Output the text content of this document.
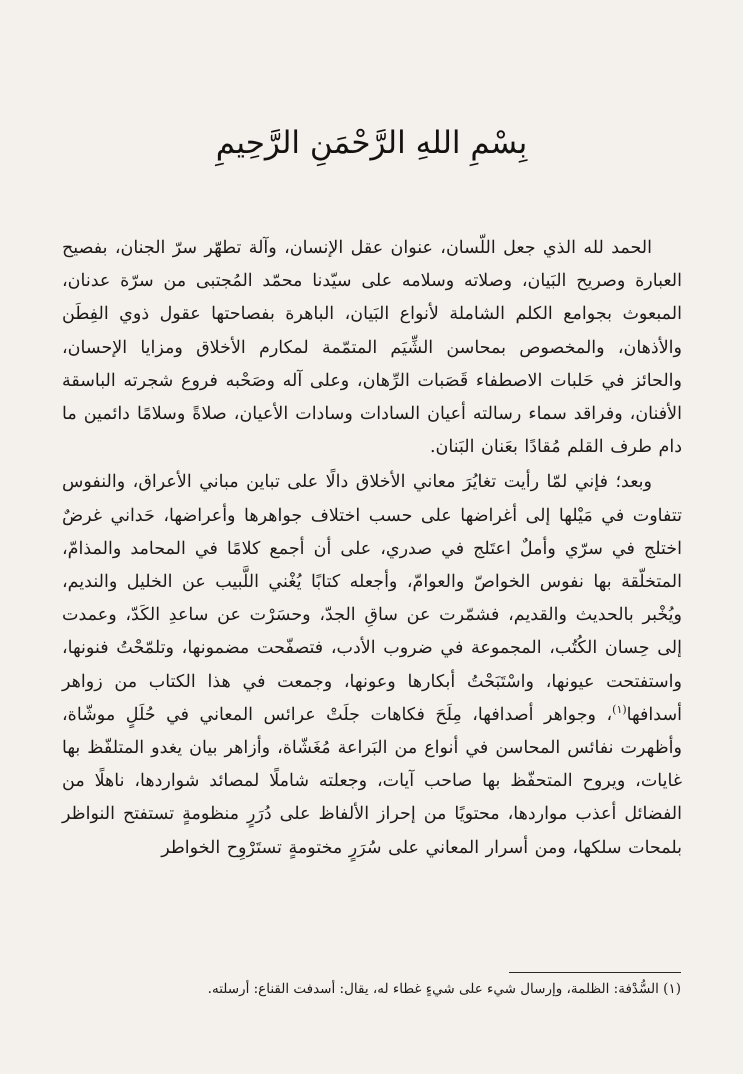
بِسْمِ اللهِ الرَّحْمَنِ الرَّحِيمِ

الحمد لله الذي جعل اللّسان، عنوان عقل الإنسان، وآلة تطهّر سرّ الجنان، بفصيح العبارة وصريح البَيان، وصلاته وسلامه على سيّدنا محمّد المُجتبى من سرّة عدنان، المبعوث بجوامع الكلم الشاملة لأنواع البَيان، الباهرة بفصاحتها عقول ذوي الفِطَن والأذهان، والمخصوص بمحاسن الشِّيَم المتمّمة لمكارم الأخلاق ومزايا الإحسان، والحائز في حَلبات الاصطفاء قَصَبات الرِّهان، وعلى آله وصَحْبه فروع شجرته الباسقة الأفنان، وفراقد سماء رسالته أعيان السادات وسادات الأعيان، صلاةً وسلامًا دائمين ما دام طرف القلم مُقادًا بعَنان البَنان.

وبعد؛ فإني لمّا رأيت تغايُرَ معاني الأخلاق دالًا على تباين مباني الأعراق، والنفوس تتفاوت في مَيْلها إلى أغراضها على حسب اختلاف جواهرها وأعراضها، حَداني غرضٌ اختلج في سرّي وأملٌ اعتَلج في صدري، على أن أجمع كلامًا في المحامد والمذامّ، المتخلّقة بها نفوس الخواصّ والعوامّ، وأجعله كتابًا يُغْني اللَّبيب عن الخليل والنديم، ويُخْبر بالحديث والقديم، فشمّرت عن ساقِ الجدّ، وحسَرْت عن ساعدِ الكَدّ، وعمدت إلى حِسان الكُتُب، المجموعة في ضروب الأدب، فتصفّحت مضمونها، وتلمّحْتُ فنونها، واستفتحت عيونها، واسْتَبَحْتُ أبكارها وعونها، وجمعت في هذا الكتاب من زواهر أسدافها$^{(١)}$، وجواهر أصدافها، مِلَحَ فكاهات جلَتْ عرائس المعاني في حُلَلٍ موشّاة، وأظهرت نفائس المحاسن في أنواع من البَراعة مُغَشّاة، وأزاهر بيان يغدو المتلفّظ بها غايات، ويروح المتحفّظ بها صاحب آيات، وجعلته شاملًا لمصائد شواردها، ناهلًا من الفضائل أعذب مواردها، محتويًا من إحراز الألفاظ على دُرَرٍ منظومةٍ تستفتح النواظر بلمحات سلكها، ومن أسرار المعاني على سُرَرٍ مختومةٍ تستَرْوِح الخواطر

(١) السُّدْفة: الظلمة، وإرسال شيء على شيءٍ غطاء له، يقال: أسدفت القناع: أرسلته.
